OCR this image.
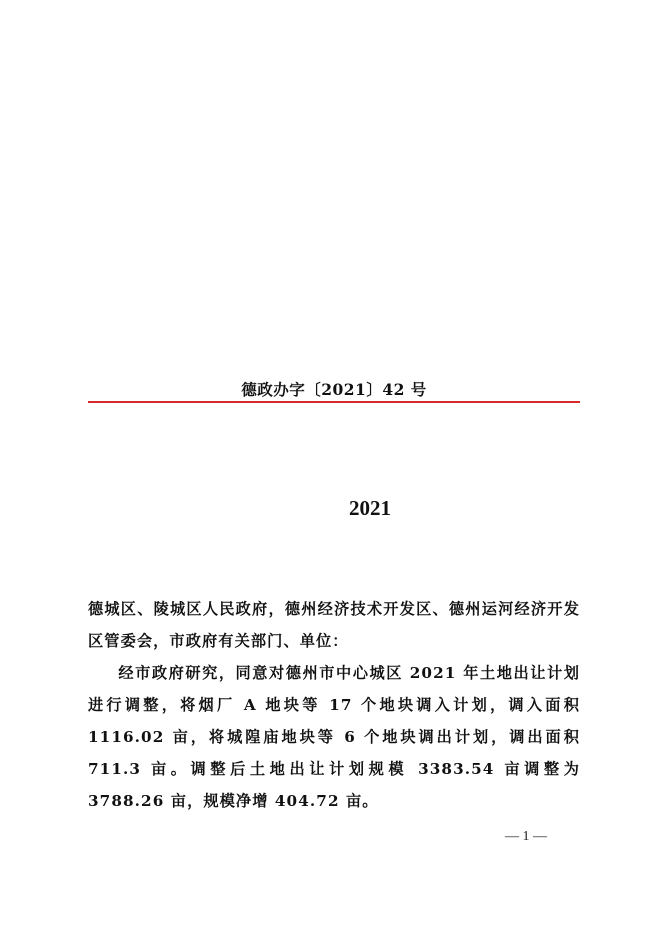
德政办字〔2021〕42 号
2021

德城区、陵城区人民政府，德州经济技术开发区、德州运河经济开发区管委会，市政府有关部门、单位：

经市政府研究，同意对德州市中心城区 2021 年土地出让计划进行调整，将烟厂 A 地块等 17 个地块调入计划，调入面积 1116.02 亩，将城隍庙地块等 6 个地块调出计划，调出面积 711.3 亩。调整后土地出让计划规模 3383.54 亩调整为 3788.26 亩，规模净增 404.72 亩。

— 1 —
